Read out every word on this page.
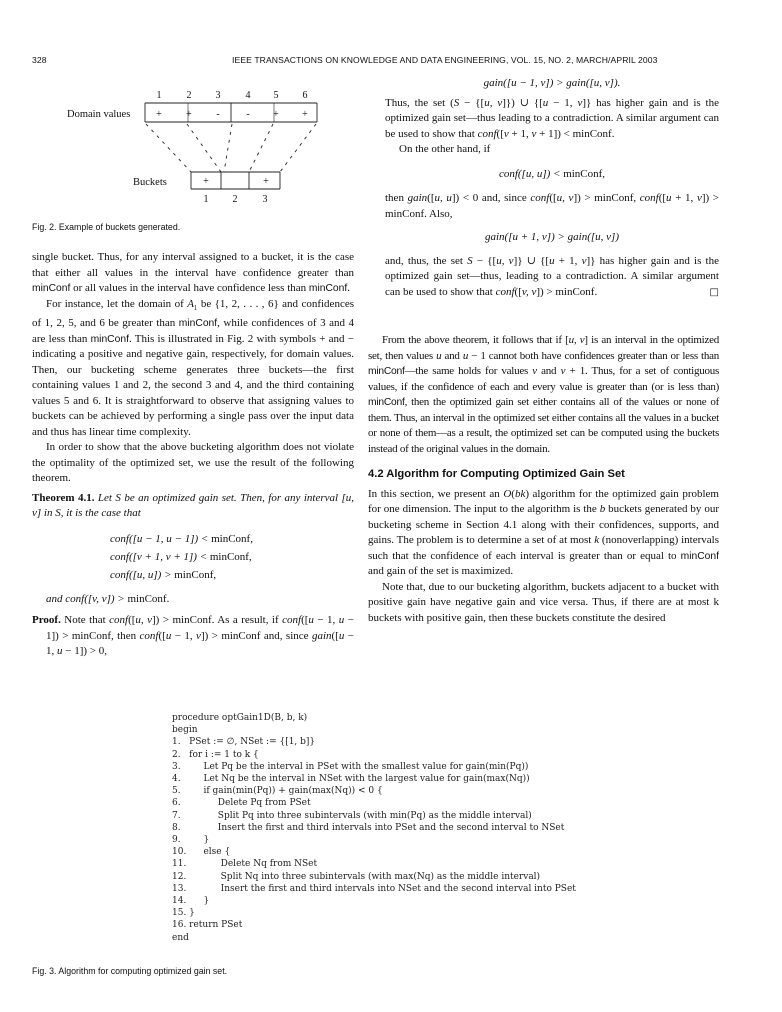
328	IEEE TRANSACTIONS ON KNOWLEDGE AND DATA ENGINEERING, VOL. 15, NO. 2, MARCH/APRIL 2003
Domain values
Buckets
1	2 3	4 5 6
+ + -	- + +
+	+
1 2	3
Fig. 2. Example of buckets generated.

single bucket. Thus, for any interval assigned to a bucket, it is the case that either all values in the interval have confidence greater than minConf or all values in the interval have confidence less than minConf.

For instance, let the domain of $A_1$ be {1, 2, . . . , 6} and confidences of 1, 2, 5, and 6 be greater than minConf, while confidences of 3 and 4 are less than minConf. This is illustrated in Fig. 2 with symbols + and − indicating a positive and negative gain, respectively, for domain values. Then, our bucketing scheme generates three buckets—the first containing values 1 and 2, the second 3 and 4, and the third containing values 5 and 6. It is straightforward to observe that assigning values to buckets can be achieved by performing a single pass over the input data and thus has linear time complexity.

In order to show that the above bucketing algorithm does not violate the optimality of the optimized set, we use the result of the following theorem.

Theorem 4.1. Let S be an optimized gain set. Then, for any interval [u, v] in S, it is the case that

conf([u − 1, u − 1]) < minConf,
conf([v + 1, v + 1]) < minConf,
conf([u, u]) > minConf,

and conf([v, v]) > minConf.

Proof. Note that conf([u, v]) > minConf. As a result, if conf([u − 1, u − 1]) > minConf, then conf([u − 1, v]) > minConf and, since gain([u − 1, u − 1]) > 0,

gain([u − 1, v]) > gain([u, v]).

Thus, the set (S − {[u, v]}) ∪ {[u − 1, v]} has higher gain and is the optimized gain set—thus leading to a contradiction. A similar argument can be used to show that conf([v + 1, v + 1]) < minConf.

On the other hand, if

conf([u, u]) < minConf,

then gain([u, u]) < 0 and, since conf([u, v]) > minConf, conf([u + 1, v]) > minConf. Also,

gain([u + 1, v]) > gain([u, v])

and, thus, the set S − {[u, v]} ∪ {[u + 1, v]} has higher gain and is the optimized gain set—thus, leading to a contradiction. A similar argument can be used to show that conf([v, v]) > minConf.	□

From the above theorem, it follows that if [u, v] is an interval in the optimized set, then values u and u − 1 cannot both have confidences greater than or less than minConf—the same holds for values v and v + 1. Thus, for a set of contiguous values, if the confidence of each and every value is greater than (or is less than) minConf, then the optimized gain set either contains all of the values or none of them. Thus, an interval in the optimized set either contains all the values in a bucket or none of them—as a result, the optimized set can be computed using the buckets instead of the original values in the domain.

4.2 Algorithm for Computing Optimized Gain Set

In this section, we present an O(bk) algorithm for the optimized gain problem for one dimension. The input to the algorithm is the b buckets generated by our bucketing scheme in Section 4.1 along with their confidences, supports, and gains. The problem is to determine a set of at most k (nonoverlapping) intervals such that the confidence of each interval is greater than or equal to minConf and gain of the set is maximized.

Note that, due to our bucketing algorithm, buckets adjacent to a bucket with positive gain have negative gain and vice versa. Thus, if there are at most k buckets with positive gain, then these buckets constitute the desired

procedure optGain1D(B, b, k)
begin
1.   PSet := ∅, NSet := {[1, b]}
2.   for i := 1 to k {
3.        Let Pq be the interval in PSet with the smallest value for gain(min(Pq))
4.        Let Nq be the interval in NSet with the largest value for gain(max(Nq))
5.        if gain(min(Pq)) + gain(max(Nq)) < 0 {
6.             Delete Pq from PSet
7.             Split Pq into three subintervals (with min(Pq) as the middle interval)
8.             Insert the first and third intervals into PSet and the second interval to NSet
9.        }
10.      else {
11.            Delete Nq from NSet
12.            Split Nq into three subintervals (with max(Nq) as the middle interval)
13.            Insert the first and third intervals into NSet and the second interval into PSet
14.      }
15. }
16. return PSet
end
Fig. 3. Algorithm for computing optimized gain set.
